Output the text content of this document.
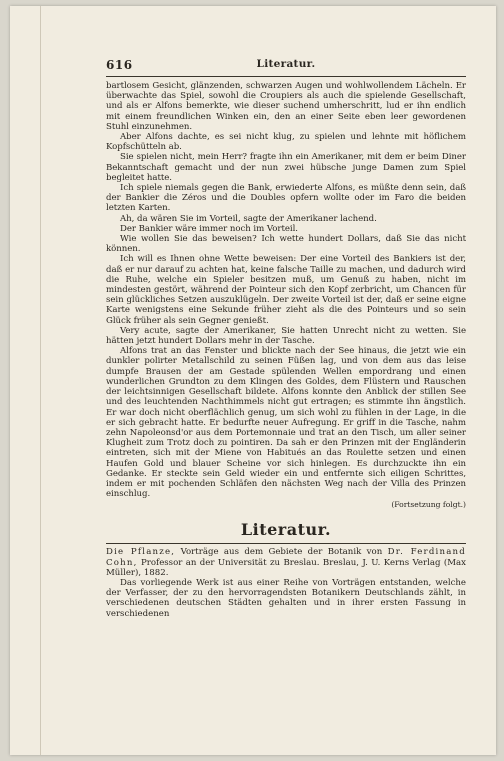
616	Literatur.

bartlosem Gesicht, glänzenden, schwarzen Augen und wohlwollendem Lächeln. Er überwachte das Spiel, sowohl die Croupiers als auch die spielende Gesellschaft, und als er Alfons bemerkte, wie dieser suchend umherschritt, lud er ihn endlich mit einem freundlichen Winken ein, den an einer Seite eben leer gewordenen Stuhl einzunehmen.

Aber Alfons dachte, es sei nicht klug, zu spielen und lehnte mit höflichem Kopfschütteln ab.

Sie spielen nicht, mein Herr? fragte ihn ein Amerikaner, mit dem er beim Diner Bekanntschaft gemacht und der nun zwei hübsche junge Damen zum Spiel begleitet hatte.

Ich spiele niemals gegen die Bank, erwiederte Alfons, es müßte denn sein, daß der Bankier die Zéros und die Doubles opfern wollte oder im Faro die beiden letzten Karten.

Ah, da wären Sie im Vorteil, sagte der Amerikaner lachend.

Der Bankier wäre immer noch im Vorteil.

Wie wollen Sie das beweisen? Ich wette hundert Dollars, daß Sie das nicht können.

Ich will es Ihnen ohne Wette beweisen: Der eine Vorteil des Bankiers ist der, daß er nur darauf zu achten hat, keine falsche Taille zu machen, und dadurch wird die Ruhe, welche ein Spieler besitzen muß, um Genuß zu haben, nicht im mindesten gestört, während der Pointeur sich den Kopf zerbricht, um Chancen für sein glückliches Setzen auszuklügeln. Der zweite Vorteil ist der, daß er seine eigne Karte wenigstens eine Sekunde früher zieht als die des Pointeurs und so sein Glück früher als sein Gegner genießt.

Very acute, sagte der Amerikaner, Sie hatten Unrecht nicht zu wetten. Sie hätten jetzt hundert Dollars mehr in der Tasche.

Alfons trat an das Fenster und blickte nach der See hinaus, die jetzt wie ein dunkler polirter Metallschild zu seinen Füßen lag, und von dem aus das leise dumpfe Brausen der am Gestade spülenden Wellen empordrang und einen wunderlichen Grundton zu dem Klingen des Goldes, dem Flüstern und Rauschen der leichtsinnigen Gesellschaft bildete. Alfons konnte den Anblick der stillen See und des leuchtenden Nachthimmels nicht gut ertragen; es stimmte ihn ängstlich. Er war doch nicht oberflächlich genug, um sich wohl zu fühlen in der Lage, in die er sich gebracht hatte. Er bedurfte neuer Aufregung. Er griff in die Tasche, nahm zehn Napoleonsd'or aus dem Portemonnaie und trat an den Tisch, um aller seiner Klugheit zum Trotz doch zu pointiren. Da sah er den Prinzen mit der Engländerin eintreten, sich mit der Miene von Habitués an das Roulette setzen und einen Haufen Gold und blauer Scheine vor sich hinlegen. Es durchzuckte ihn ein Gedanke. Er steckte sein Geld wieder ein und entfernte sich eiligen Schrittes, indem er mit pochenden Schläfen den nächsten Weg nach der Villa des Prinzen einschlug.

(Fortsetzung folgt.)
Literatur.

Die Pflanze, Vorträge aus dem Gebiete der Botanik von Dr. Ferdinand Cohn, Professor an der Universität zu Breslau. Breslau, J. U. Kerns Verlag (Max Müller), 1882.

Das vorliegende Werk ist aus einer Reihe von Vorträgen entstanden, welche der Verfasser, der zu den hervorragendsten Botanikern Deutschlands zählt, in verschiedenen deutschen Städten gehalten und in ihrer ersten Fassung in verschiedenen
